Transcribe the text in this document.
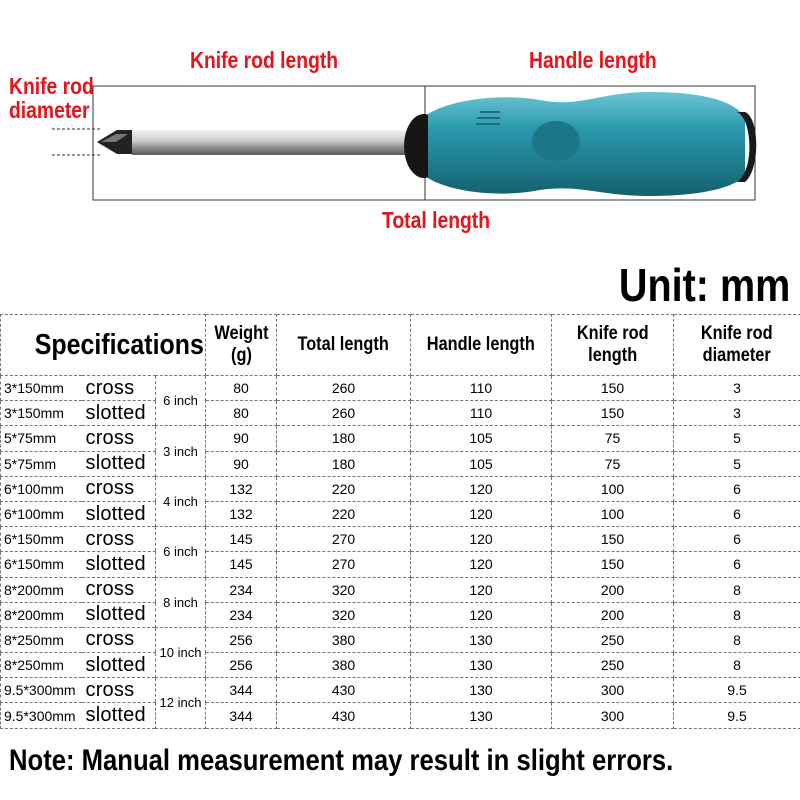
Knife rod length	Handle length
Knife rod diameter
Total length
Unit: mm
Specifications			Weight
(g)	Total length	Handle length	Knife rod
length	Knife rod
diameter
3*150mm	cross	6 inch	80	260	110	150	3
3*150mm	slotted		80	260	110	150	3
5*75mm	cross	3 inch	90	180	105	75	5
5*75mm	slotted		90	180	105	75	5
6*100mm	cross	4 inch	132	220	120	100	6
6*100mm	slotted		132	220	120	100	6
6*150mm	cross	6 inch	145	270	120	150	6
6*150mm	slotted		145	270	120	150	6
8*200mm	cross	8 inch	234	320	120	200	8
8*200mm	slotted		234	320	120	200	8
8*250mm	cross	10 inch	256	380	130	250	8
8*250mm	slotted		256	380	130	250	8
9.5*300mm	cross	12 inch	344	430	130	300	9.5
9.5*300mm	slotted		344	430	130	300	9.5
Note: Manual measurement may result in slight errors.
